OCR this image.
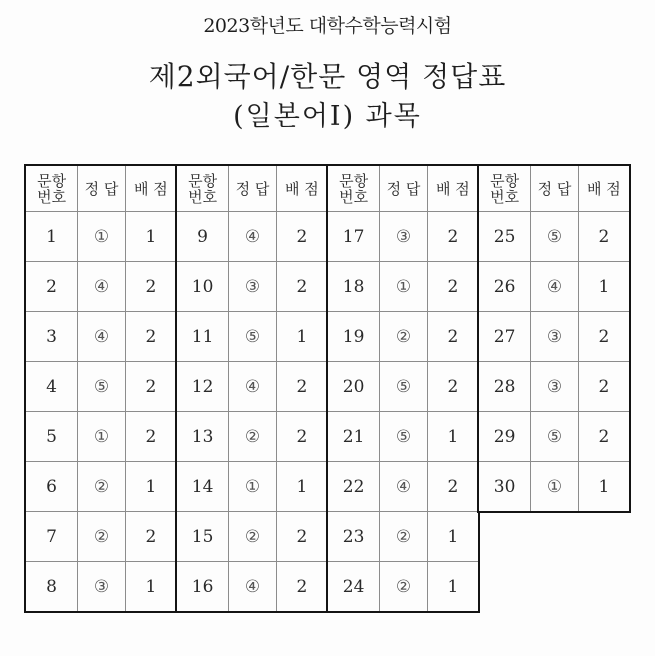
2023학년도 대학수학능력시험
제2외국어/한문 영역 정답표
(일본어Ⅰ) 과목
문항
번호	정 답	배 점
1	①	1
2	④	2
3	④	2
4	⑤	2
5	①	2
6	②	1
7	②	2
8	③	1
문항
번호	정 답	배 점
9	④	2
10	③	2
11	⑤	1
12	④	2
13	②	2
14	①	1
15	②	2
16	④	2
문항
번호	정 답	배 점
17	③	2
18	①	2
19	②	2
20	⑤	2
21	⑤	1
22	④	2
23	②	1
24	②	1
문항
번호	정 답	배 점
25	⑤	2
26	④	1
27	③	2
28	③	2
29	⑤	2
30	①	1
